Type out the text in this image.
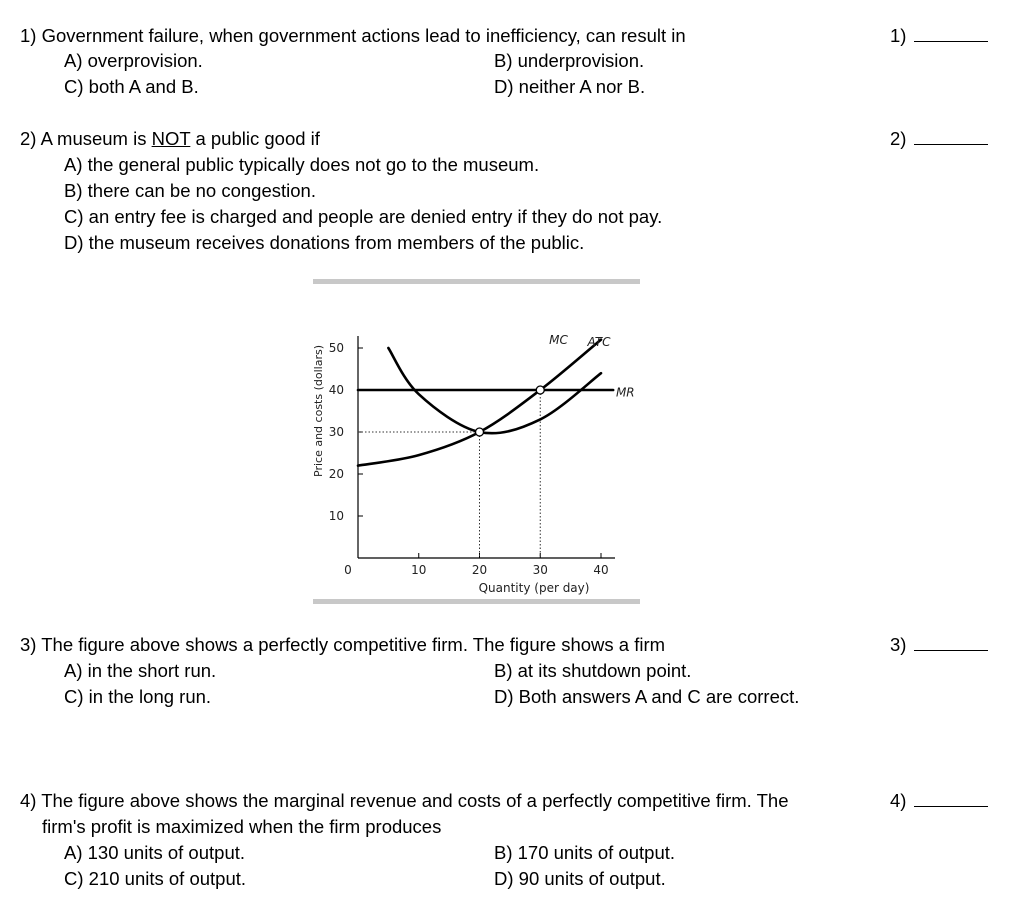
1) Government failure, when government actions lead to inefficiency, can result in	1)
A) overprovision.	B) underprovision.
C) both A and B.	D) neither A nor B.
2) A museum is NOT a public good if	2)
A) the general public typically does not go to the museum.
B) there can be no congestion.
C) an entry fee is charged and people are denied entry if they do not pay.
D) the museum receives donations from members of the public.
10
20
30
40
50
0	10	20	30	40
Price and costs (dollars)
Quantity (per day)
MC ATC
MR
3) The figure above shows a perfectly competitive firm. The figure shows a firm	3)
A) in the short run.	B) at its shutdown point.
C) in the long run.	D) Both answers A and C are correct.
4) The figure above shows the marginal revenue and costs of a perfectly competitive firm. The	4)
firm's profit is maximized when the firm produces
A) 130 units of output.	B) 170 units of output.
C) 210 units of output.	D) 90 units of output.
